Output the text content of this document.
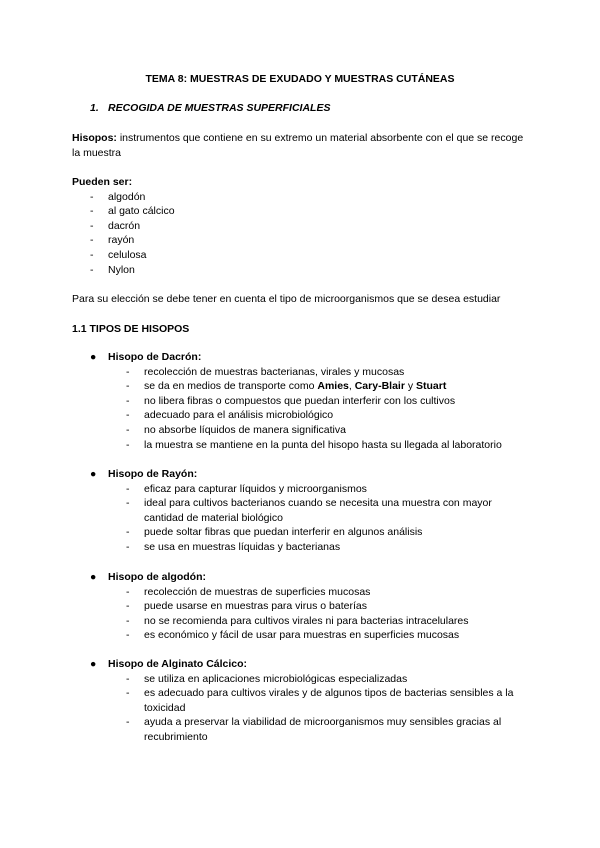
TEMA 8: MUESTRAS DE EXUDADO Y MUESTRAS CUTÁNEAS
1. RECOGIDA DE MUESTRAS SUPERFICIALES
Hisopos: instrumentos que contiene en su extremo un material absorbente con el que se recoge la muestra
Pueden ser:
- algodón
- al gato cálcico
- dacrón
- rayón
- celulosa
- Nylon
Para su elección se debe tener en cuenta el tipo de microorganismos que se desea estudiar
1.1 TIPOS DE HISOPOS
● Hisopo de Dacrón:
- recolección de muestras bacterianas, virales y mucosas
- se da en medios de transporte como Amies, Cary-Blair y Stuart
- no libera fibras o compuestos que puedan interferir con los cultivos
- adecuado para el análisis microbiológico
- no absorbe líquidos de manera significativa
- la muestra se mantiene en la punta del hisopo hasta su llegada al laboratorio
● Hisopo de Rayón:
- eficaz para capturar líquidos y microorganismos
- ideal para cultivos bacterianos cuando se necesita una muestra con mayor cantidad de material biológico
- puede soltar fibras que puedan interferir en algunos análisis
- se usa en muestras líquidas y bacterianas
● Hisopo de algodón:
- recolección de muestras de superficies mucosas
- puede usarse en muestras para virus o baterías
- no se recomienda para cultivos virales ni para bacterias intracelulares
- es económico y fácil de usar para muestras en superficies mucosas
● Hisopo de Alginato Cálcico:
- se utiliza en aplicaciones microbiológicas especializadas
- es adecuado para cultivos virales y de algunos tipos de bacterias sensibles a la toxicidad
- ayuda a preservar la viabilidad de microorganismos muy sensibles gracias al recubrimiento
